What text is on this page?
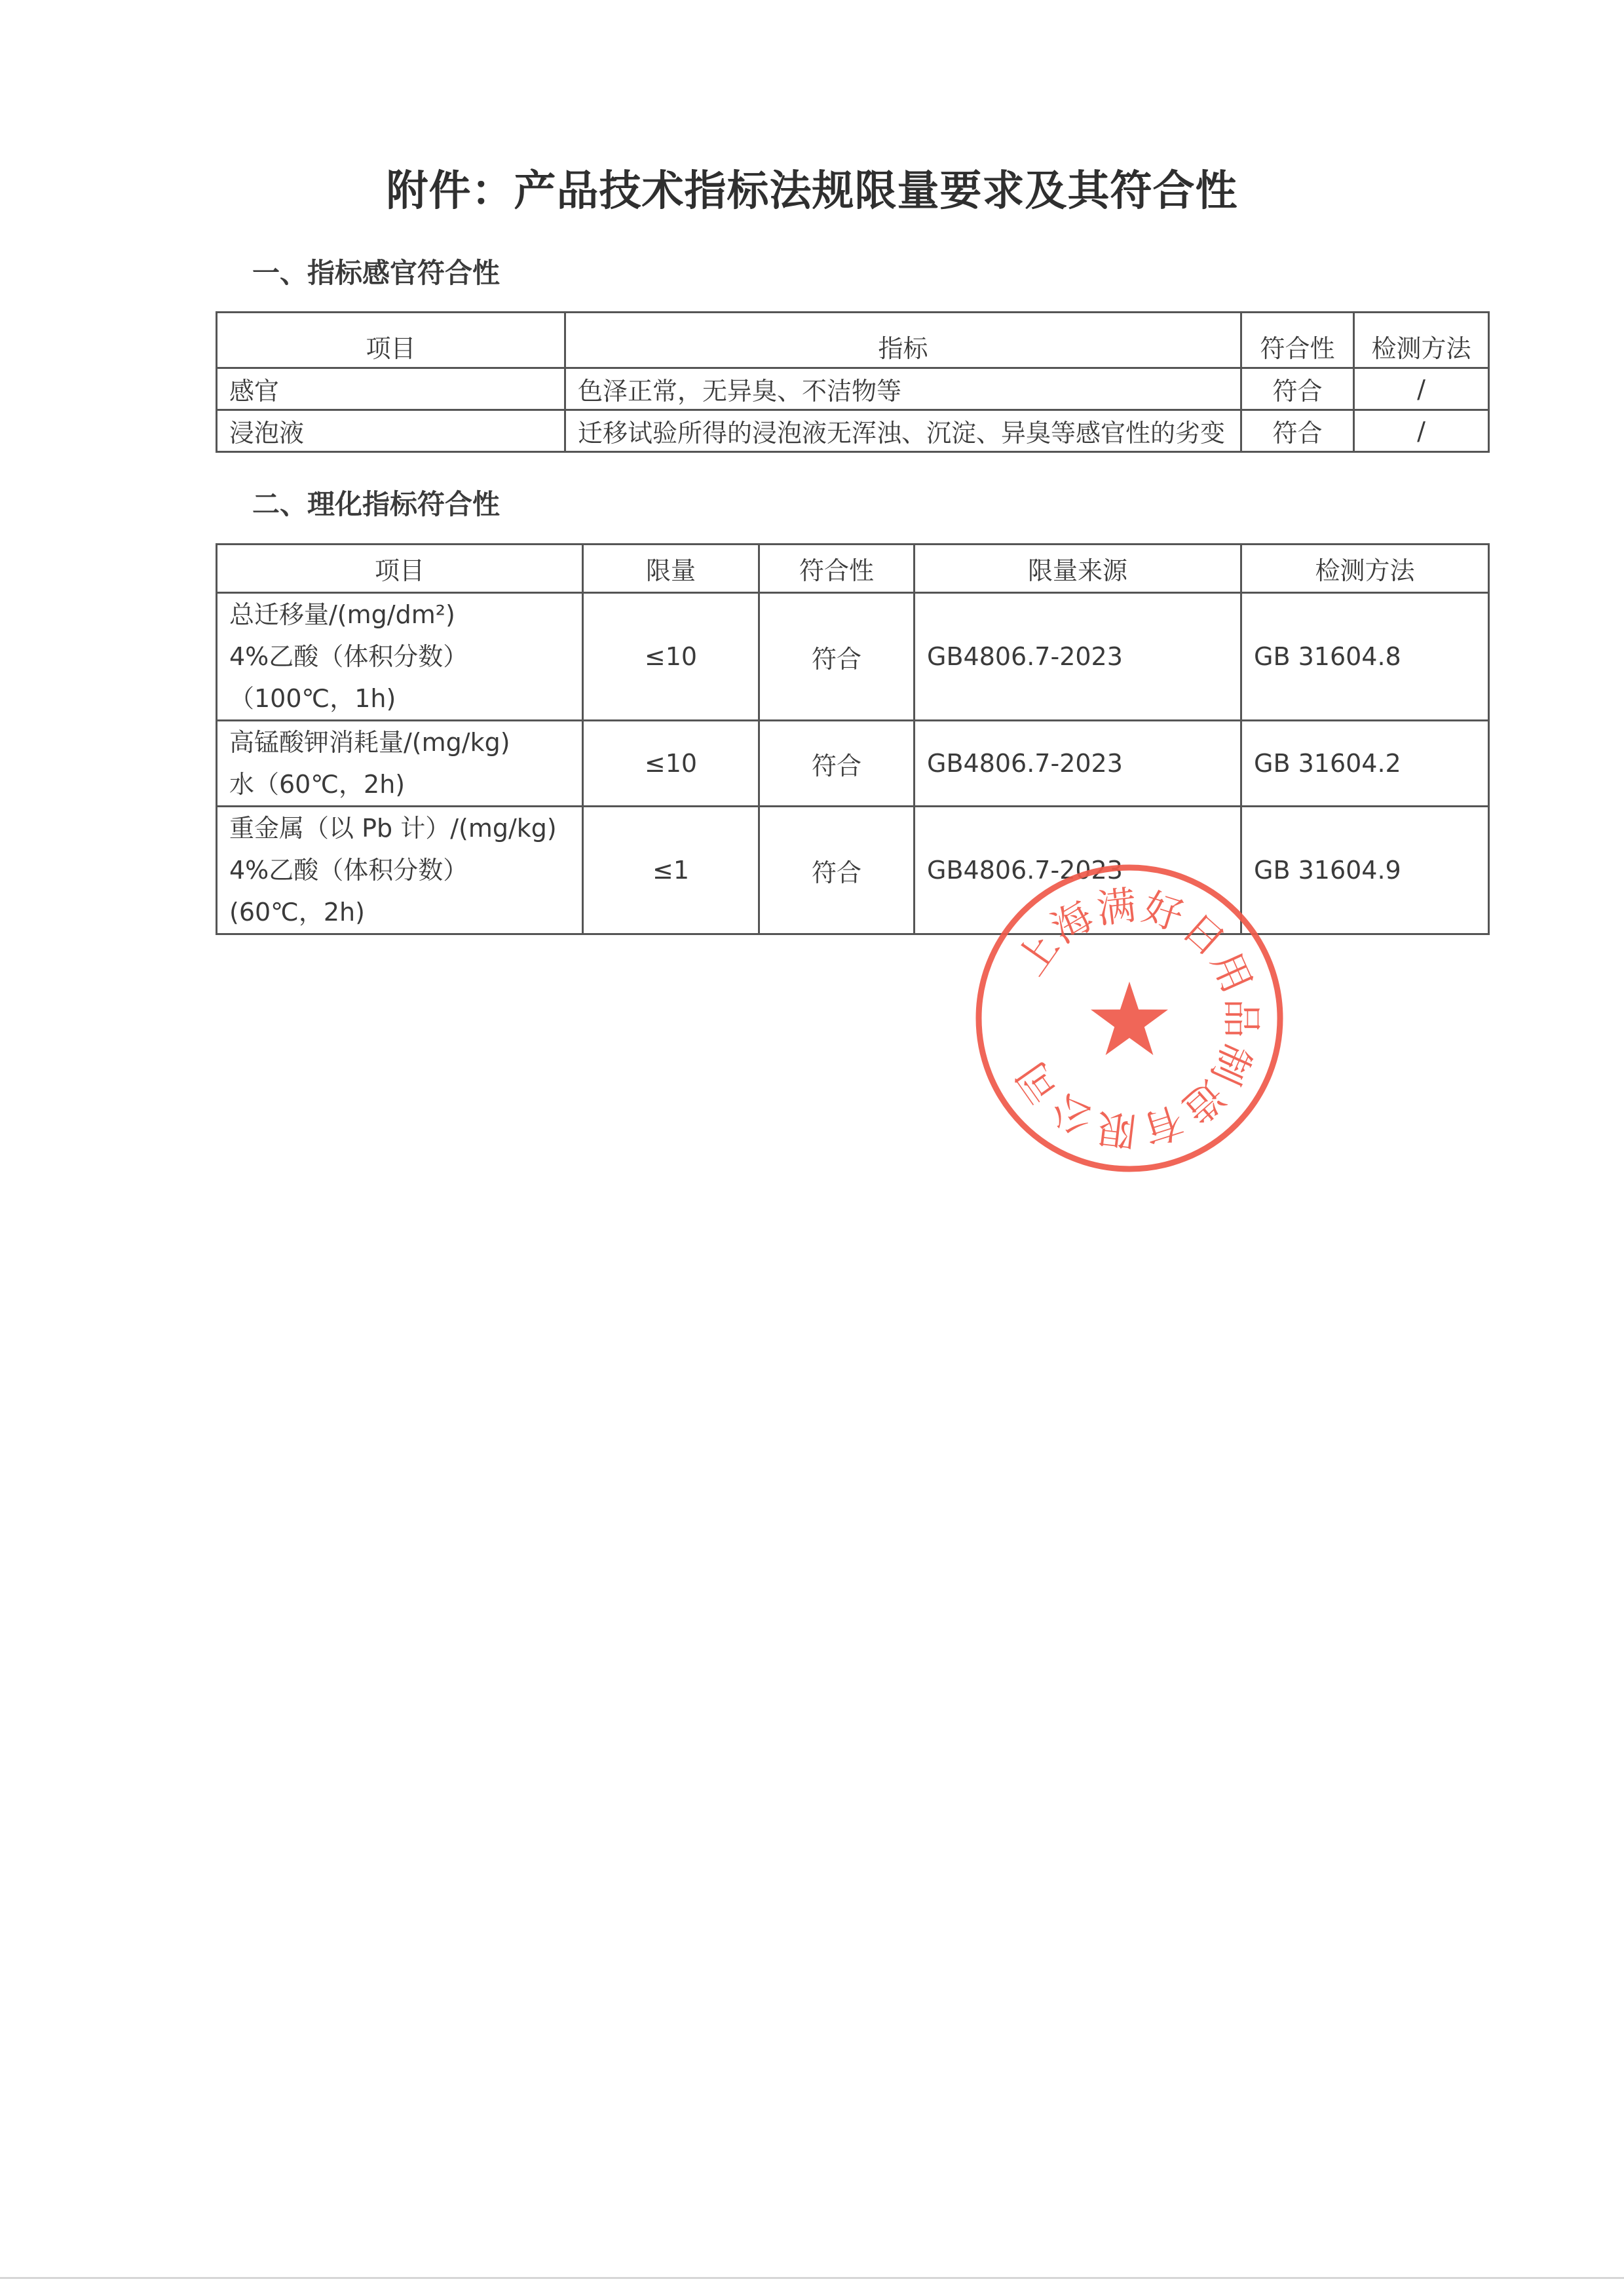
附件：产品技术指标法规限量要求及其符合性
一、指标感官符合性
项目	指标	符合性	检测方法
感官	色泽正常，无异臭、不洁物等	符合	/
浸泡液	迁移试验所得的浸泡液无浑浊、沉淀、异臭等感官性的劣变	符合	/
二、理化指标符合性
项目	限量	符合性	限量来源	检测方法

总迁移量/(mg/dm²)
4%乙酸（体积分数）
（100℃，1h)	≤10	符合	GB4806.7-2023	GB 31604.8

高锰酸钾消耗量/(mg/kg)
水（60℃，2h)	≤10	符合	GB4806.7-2023	GB 31604.2

重金属（以 Pb 计）/(mg/kg)
4%乙酸（体积分数）
(60℃，2h)	≤1	符合	GB4806.7-2023	GB 31604.9
上
海
满
好
日
用
品
制
造
有
限
公
司
